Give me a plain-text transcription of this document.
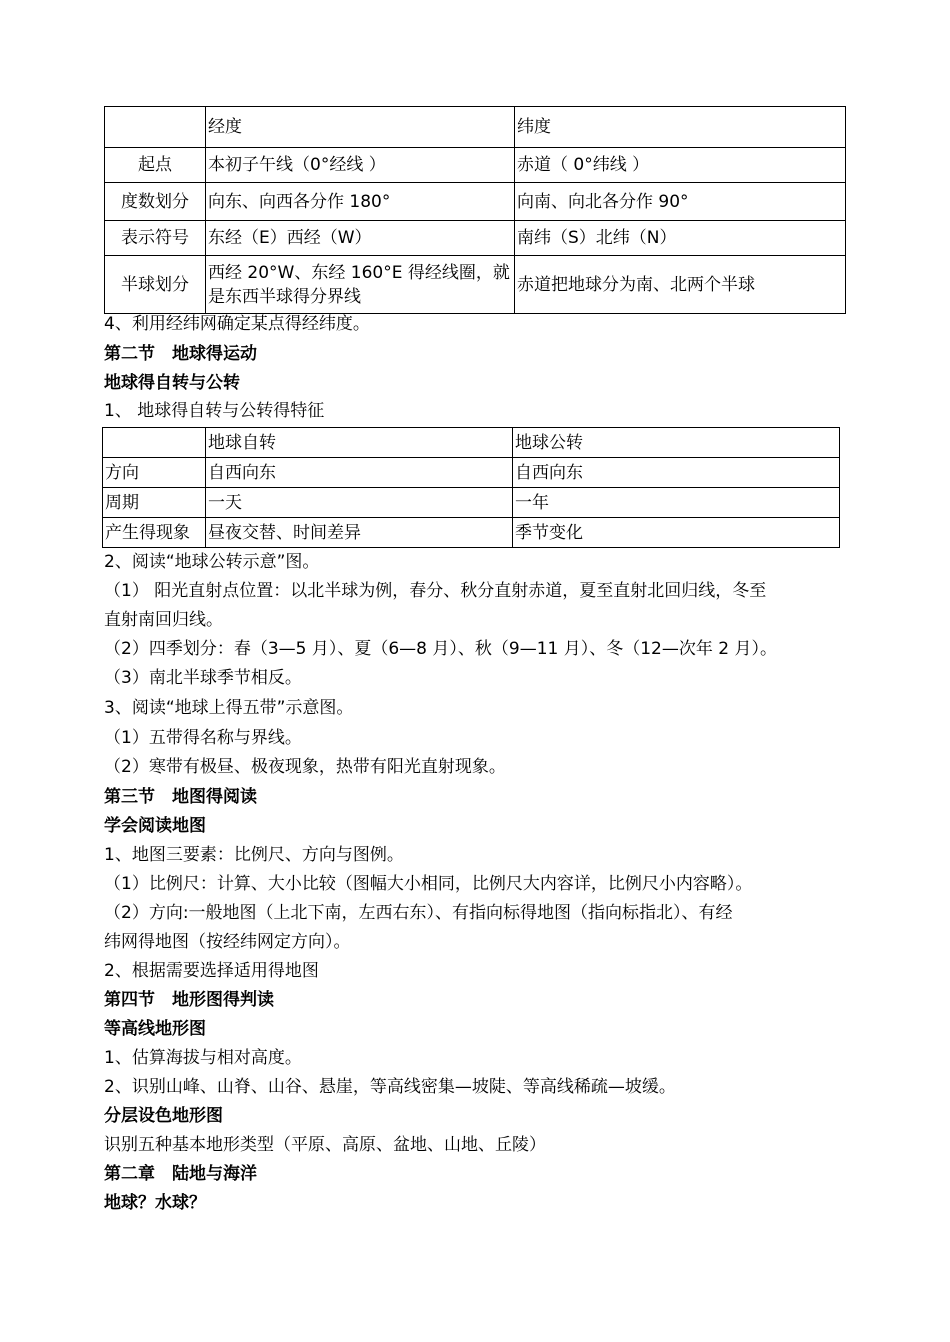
	经度	纬度
起点	本初子午线（0°经线 ）	赤道（ 0°纬线 ）
度数划分	向东、向西各分作 180°	向南、向北各分作 90°
表示符号	东经（E）西经（W）	南纬（S）北纬（N）
半球划分	西经 20°W、东经 160°E 得经线圈，就是东西半球得分界线	赤道把地球分为南、北两个半球
4、利用经纬网确定某点得经纬度。
第二节　地球得运动
地球得自转与公转
1、 地球得自转与公转得特征
	地球自转	地球公转
方向	自西向东	自西向东
周期	一天	一年
产生得现象	昼夜交替、时间差异	季节变化
2、阅读“地球公转示意”图。
（1） 阳光直射点位置：以北半球为例，春分、秋分直射赤道，夏至直射北回归线，冬至
直射南回归线。
（2）四季划分：春（3—5 月）、夏（6—8 月）、秋（9—11 月）、冬（12—次年 2 月）。
（3）南北半球季节相反。
3、阅读“地球上得五带”示意图。
（1）五带得名称与界线。
（2）寒带有极昼、极夜现象，热带有阳光直射现象。
第三节　地图得阅读
学会阅读地图
1、地图三要素：比例尺、方向与图例。
（1）比例尺：计算、大小比较（图幅大小相同，比例尺大内容详，比例尺小内容略）。
（2）方向:一般地图（上北下南，左西右东）、有指向标得地图（指向标指北）、有经
纬网得地图（按经纬网定方向）。
2、根据需要选择适用得地图
第四节　地形图得判读
等高线地形图
1、估算海拔与相对高度。
2、识别山峰、山脊、山谷、悬崖，等高线密集—坡陡、等高线稀疏—坡缓。
分层设色地形图
识别五种基本地形类型（平原、高原、盆地、山地、丘陵）
第二章　陆地与海洋
地球？水球？
